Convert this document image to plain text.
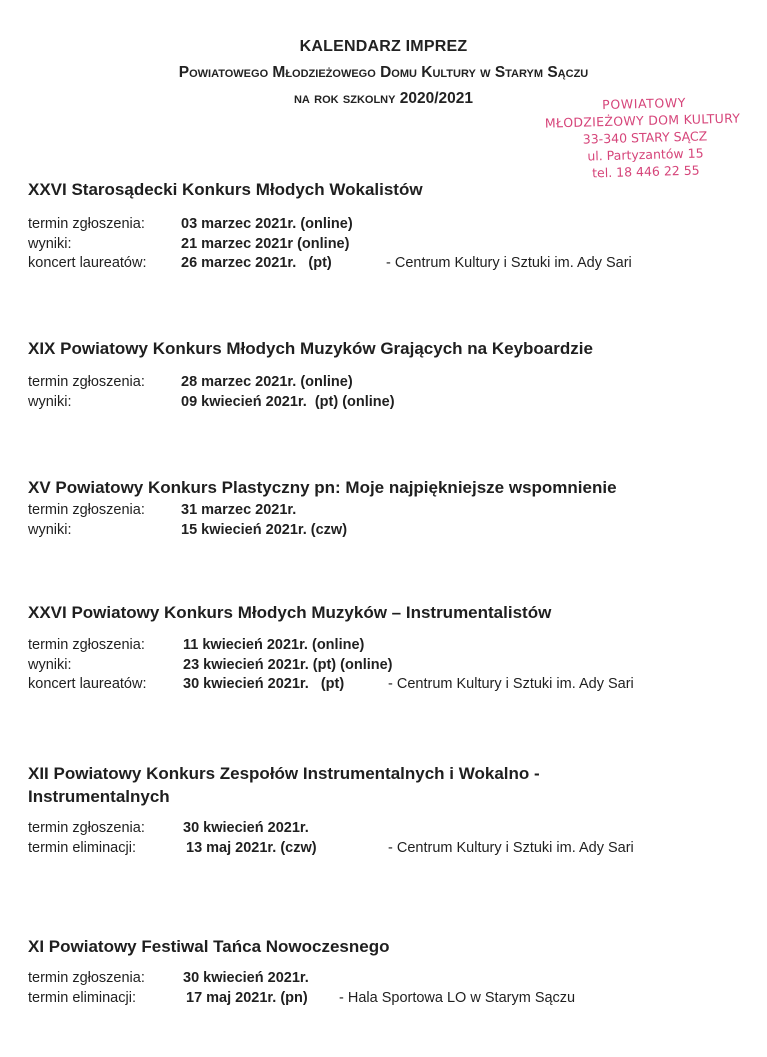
KALENDARZ IMPREZ
Powiatowego Młodzieżowego Domu Kultury w Starym Sączu
na rok szkolny 2020/2021	POWIATOWY
MŁODZIEŻOWY DOM KULTURY
33-340 STARY SĄCZ
ul. Partyzantów 15
tel. 18 446 22 55
XXVI Starosądecki Konkurs Młodych Wokalistów
termin zgłoszenia: 03 marzec 2021r. (online)
wyniki:	21 marzec 2021r (online)
koncert laureatów: 26 marzec 2021r.   (pt)	- Centrum Kultury i Sztuki im. Ady Sari
XIX Powiatowy Konkurs Młodych Muzyków Grających na Keyboardzie
termin zgłoszenia: 28 marzec 2021r. (online)
wyniki:	09 kwiecień 2021r.  (pt) (online)
XV Powiatowy Konkurs Plastyczny pn: Moje najpiękniejsze wspomnienie
termin zgłoszenia: 31 marzec 2021r.
wyniki:	15 kwiecień 2021r. (czw)
XXVI Powiatowy Konkurs Młodych Muzyków – Instrumentalistów
termin zgłoszenia:	11 kwiecień 2021r. (online)
wyniki:	23 kwiecień 2021r. (pt) (online)
koncert laureatów:	30 kwiecień 2021r.   (pt)	- Centrum Kultury i Sztuki im. Ady Sari
XII Powiatowy Konkurs Zespołów Instrumentalnych i Wokalno -
Instrumentalnych
termin zgłoszenia:	30 kwiecień 2021r.
termin eliminacji:	13 maj 2021r. (czw)	- Centrum Kultury i Sztuki im. Ady Sari
XI Powiatowy Festiwal Tańca Nowoczesnego
termin zgłoszenia:	30 kwiecień 2021r.
termin eliminacji:	17 maj 2021r. (pn) - Hala Sportowa LO w Starym Sączu
